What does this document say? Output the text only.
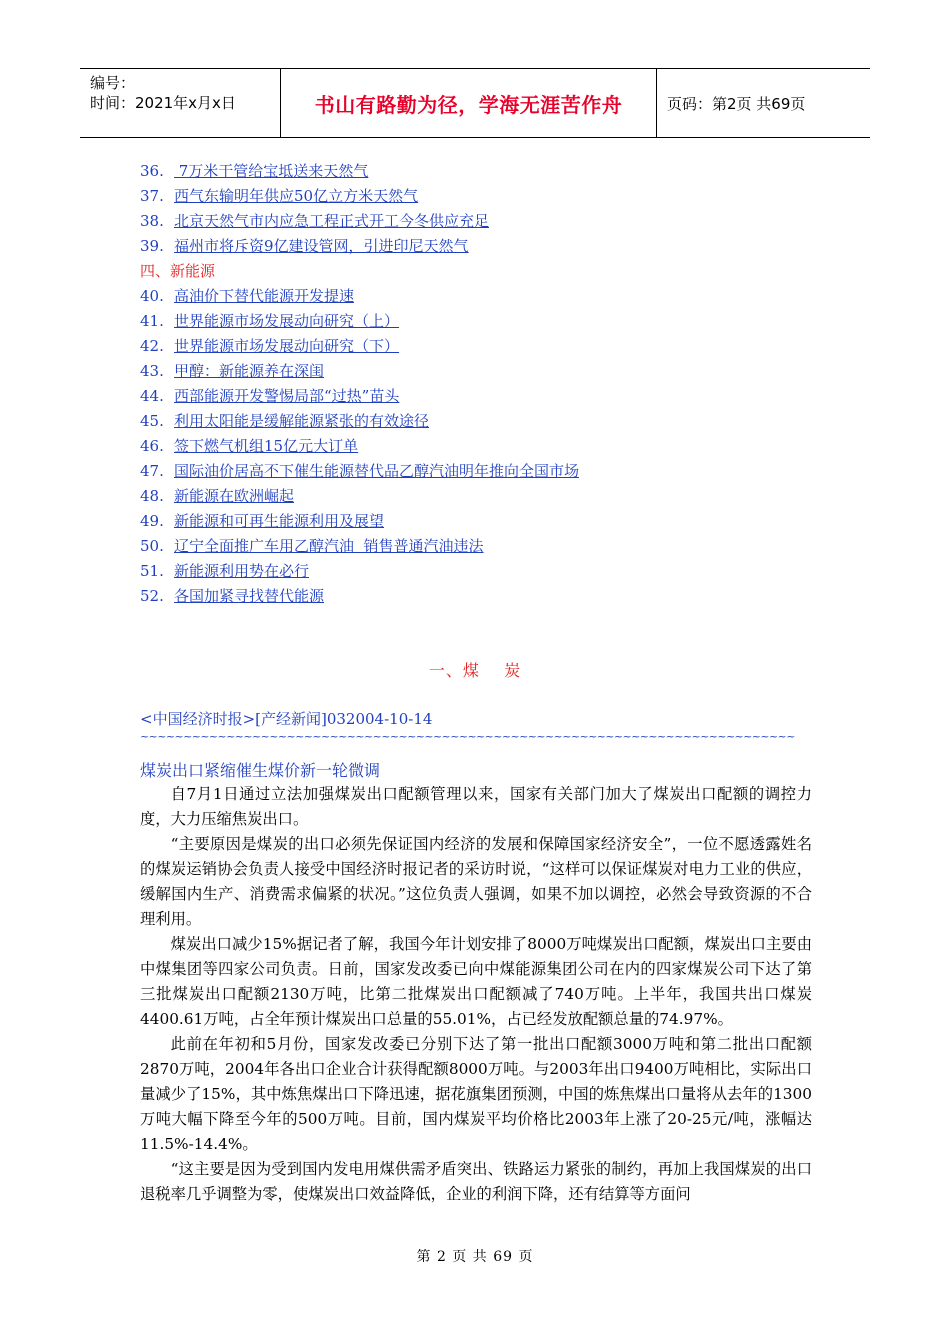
编号：
时间：2021年x月x日	书山有路勤为径，学海无涯苦作舟	页码：第2页 共69页
36. 7万米干管给宝坻送来天然气
37. 西气东输明年供应50亿立方米天然气
38. 北京天然气市内应急工程正式开工今冬供应充足
39. 福州市将斥资9亿建设管网，引进印尼天然气
四、新能源
40. 高油价下替代能源开发提速
41. 世界能源市场发展动向研究（上）
42. 世界能源市场发展动向研究（下）
43. 甲醇：新能源养在深闺
44. 西部能源开发警惕局部“过热”苗头
45. 利用太阳能是缓解能源紧张的有效途径
46. 签下燃气机组15亿元大订单
47. 国际油价居高不下催生能源替代品乙醇汽油明年推向全国市场
48. 新能源在欧洲崛起
49. 新能源和可再生能源利用及展望
50. 辽宁全面推广车用乙醇汽油  销售普通汽油违法
51. 新能源利用势在必行
52. 各国加紧寻找替代能源
一、煤    炭
<中国经济时报>[产经新闻]032004-10-14
~~~~~~~~~~~~~~~~~~~~~~~~~~~~~~~~~~~~~~~~~~~~~~~~~~~~~~~~~~~~~~~~~~~~~~~~~~~~
煤炭出口紧缩催生煤价新一轮微调

自7月1日通过立法加强煤炭出口配额管理以来，国家有关部门加大了煤炭出口配额的调控力度，大力压缩焦炭出口。

“主要原因是煤炭的出口必须先保证国内经济的发展和保障国家经济安全”，一位不愿透露姓名的煤炭运销协会负责人接受中国经济时报记者的采访时说，“这样可以保证煤炭对电力工业的供应，缓解国内生产、消费需求偏紧的状况。”这位负责人强调，如果不加以调控，必然会导致资源的不合理利用。

煤炭出口减少15%据记者了解，我国今年计划安排了8000万吨煤炭出口配额，煤炭出口主要由中煤集团等四家公司负责。日前，国家发改委已向中煤能源集团公司在内的四家煤炭公司下达了第三批煤炭出口配额2130万吨，比第二批煤炭出口配额减了740万吨。上半年，我国共出口煤炭4400.61万吨，占全年预计煤炭出口总量的55.01%，占已经发放配额总量的74.97%。

此前在年初和5月份，国家发改委已分别下达了第一批出口配额3000万吨和第二批出口配额2870万吨，2004年各出口企业合计获得配额8000万吨。与2003年出口9400万吨相比，实际出口量减少了15%，其中炼焦煤出口下降迅速，据花旗集团预测，中国的炼焦煤出口量将从去年的1300万吨大幅下降至今年的500万吨。目前，国内煤炭平均价格比2003年上涨了20-25元/吨，涨幅达11.5%-14.4%。

“这主要是因为受到国内发电用煤供需矛盾突出、铁路运力紧张的制约，再加上我国煤炭的出口退税率几乎调整为零，使煤炭出口效益降低，企业的利润下降，还有结算等方面问

第 2 页 共 69 页
